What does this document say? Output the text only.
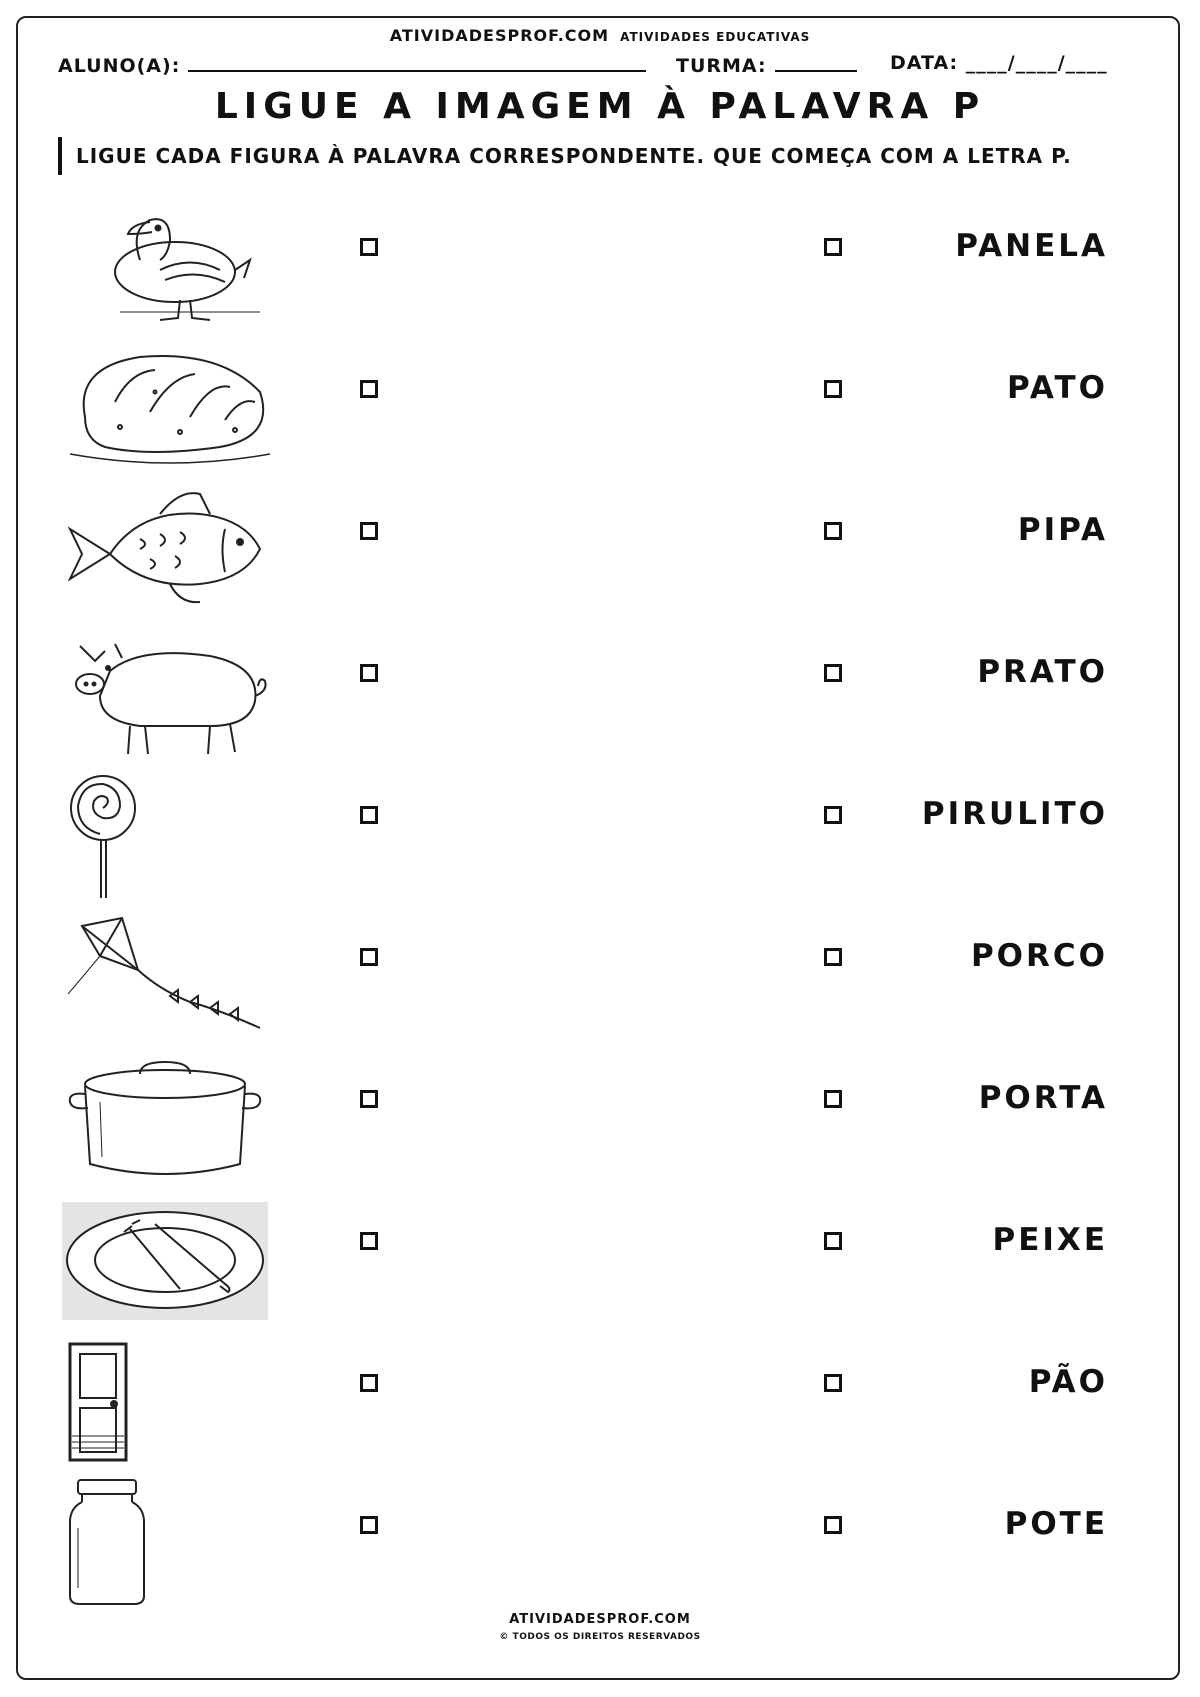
ATIVIDADESPROF.COM ATIVIDADES EDUCATIVAS
ALUNO(A):	TURMA:	DATA: ____/____/____
LIGUE A IMAGEM À PALAVRA P
LIGUE CADA FIGURA À PALAVRA CORRESPONDENTE. QUE COMEÇA COM A LETRA P.
PANELA
PATO
PIPA
PRATO
PIRULITO
PORCO
PORTA
PEIXE
PÃO
POTE
ATIVIDADESPROF.COM
© TODOS OS DIREITOS RESERVADOS
